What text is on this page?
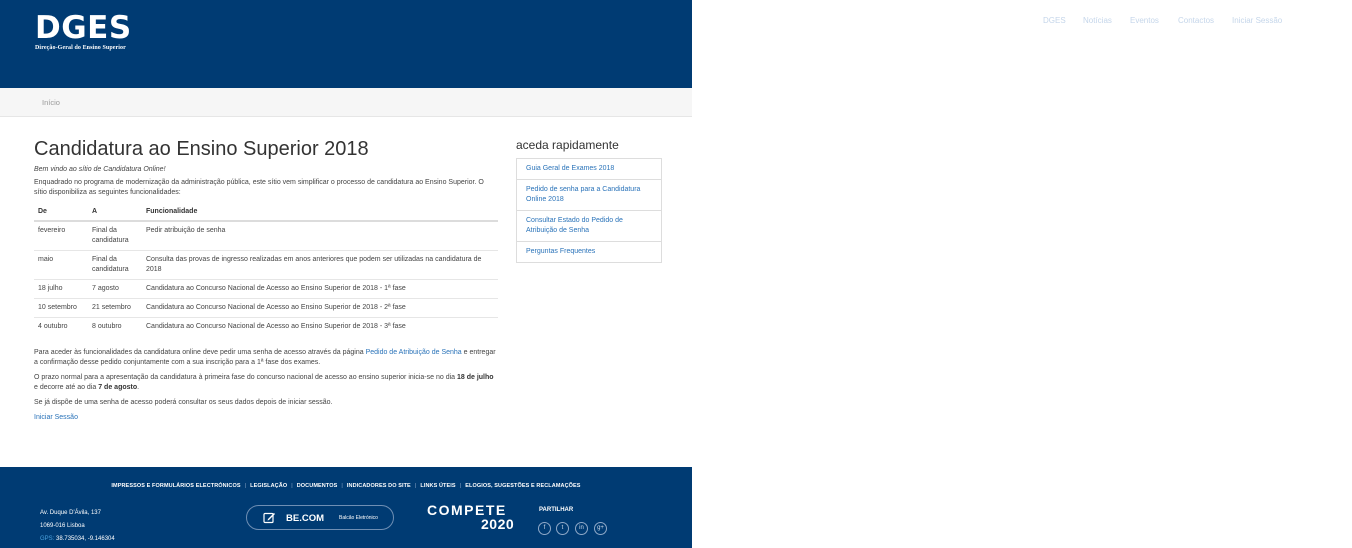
DGES
Direção-Geral do Ensino Superior
DGES Notícias Eventos Contactos Iniciar Sessão Bem vindo(a)!
Início
Candidatura ao Ensino Superior 2018

Bem vindo ao sítio de Candidatura Online!

Enquadrado no programa de modernização da administração pública, este sítio vem simplificar o processo de candidatura ao Ensino Superior. O sítio disponibiliza as seguintes funcionalidades:

De	A	Funcionalidade
fevereiro	Final da candidatura	Pedir atribuição de senha
maio	Final da candidatura	Consulta das provas de ingresso realizadas em anos anteriores que podem ser utilizadas na candidatura de 2018
18 julho	7 agosto	Candidatura ao Concurso Nacional de Acesso ao Ensino Superior de 2018 - 1ª fase
10 setembro	21 setembro	Candidatura ao Concurso Nacional de Acesso ao Ensino Superior de 2018 - 2ª fase
4 outubro	8 outubro	Candidatura ao Concurso Nacional de Acesso ao Ensino Superior de 2018 - 3ª fase

Para aceder às funcionalidades da candidatura online deve pedir uma senha de acesso através da página Pedido de Atribuição de Senha e entregar a confirmação desse pedido conjuntamente com a sua inscrição para a 1ª fase dos exames.

O prazo normal para a apresentação da candidatura à primeira fase do concurso nacional de acesso ao ensino superior inicia-se no dia 18 de julho e decorre até ao dia 7 de agosto.

Se já dispõe de uma senha de acesso poderá consultar os seus dados depois de iniciar sessão.

Iniciar Sessão
aceda rapidamente
Guia Geral de Exames 2018
Pedido de senha para a Candidatura Online 2018
Consultar Estado do Pedido de Atribuição de Senha
Perguntas Frequentes
IMPRESSOS E FORMULÁRIOS ELECTRÓNICOS | LEGISLAÇÃO | DOCUMENTOS | INDICADORES DO SITE | LINKS ÚTEIS | ELOGIOS, SUGESTÕES E RECLAMAÇÕES
Av. Duque D'Ávila, 137
1069-016 Lisboa
GPS: 38.735034, -9.146304
BE.COM	Balcão Eletrónico	COMPETE
2020
PARTILHAR
f	t	in	g+
